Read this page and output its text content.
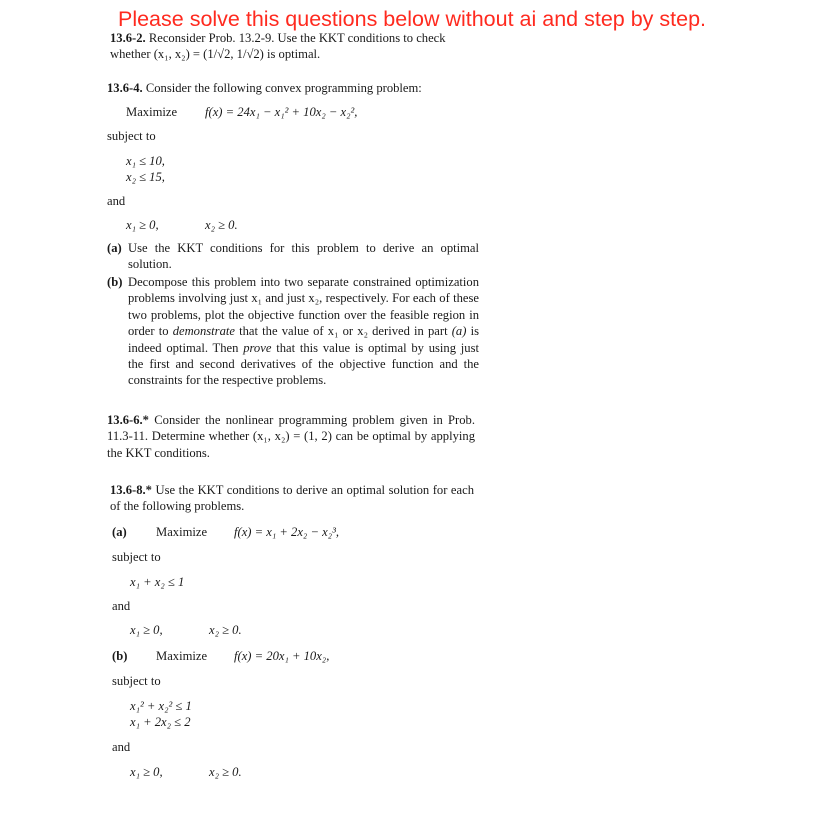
Please solve this questions below without ai and step by step.
13.6-2. Reconsider Prob. 13.2-9. Use the KKT conditions to check
whether (x₁, x₂) = (1/√2, 1/√2) is optimal.
13.6-4. Consider the following convex programming problem:
Maximize f(x) = 24x₁ − x₁² + 10x₂ − x₂²,
subject to
x₁ ≤ 10,
x₂ ≤ 15,
and
x₁ ≥ 0,	x₂ ≥ 0.
(a) Use the KKT conditions for this problem to derive an optimal solution.
(b) Decompose this problem into two separate constrained optimization problems involving just x₁ and just x₂, respectively. For each of these two problems, plot the objective function over the feasible region in order to demonstrate that the value of x₁ or x₂ derived in part (a) is indeed optimal. Then prove that this value is optimal by using just the first and second derivatives of the objective function and the constraints for the respective problems.
13.6-6.* Consider the nonlinear programming problem given in Prob. 11.3-11. Determine whether (x₁, x₂) = (1, 2) can be optimal by applying the KKT conditions.
13.6-8.* Use the KKT conditions to derive an optimal solution for each of the following problems.
(a) Maximize f(x) = x₁ + 2x₂ − x₂³,
subject to
x₁ + x₂ ≤ 1
and
x₁ ≥ 0,	x₂ ≥ 0.
(b) Maximize f(x) = 20x₁ + 10x₂,
subject to
x₁² + x₂² ≤ 1
x₁ + 2x₂ ≤ 2
and
x₁ ≥ 0,	x₂ ≥ 0.
